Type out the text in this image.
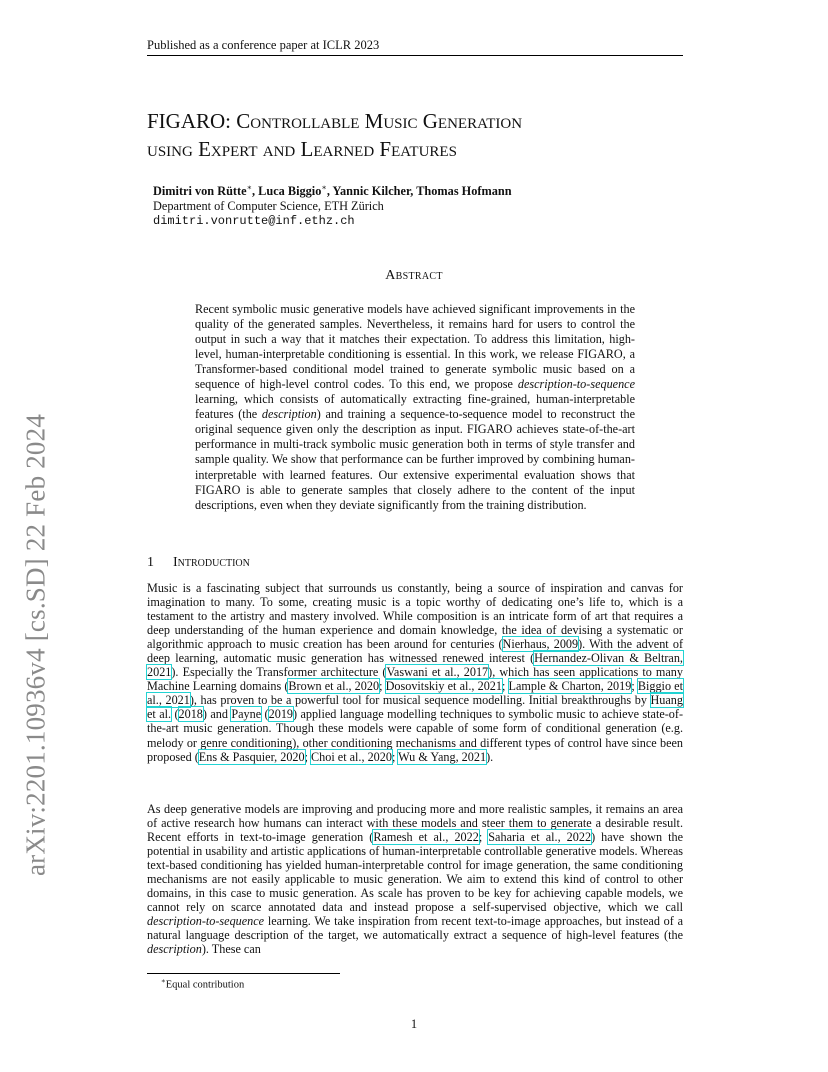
Published as a conference paper at ICLR 2023
arXiv:2201.10936v4 [cs.SD] 22 Feb 2024
FIGARO: Controllable Music Generation
using Expert and Learned Features
Dimitri von Rütte∗, Luca Biggio∗, Yannic Kilcher, Thomas Hofmann
Department of Computer Science, ETH Zürich
dimitri.vonrutte@inf.ethz.ch
Abstract

Recent symbolic music generative models have achieved significant improvements in the quality of the generated samples. Nevertheless, it remains hard for users to control the output in such a way that it matches their expectation. To address this limitation, high-level, human-interpretable conditioning is essential. In this work, we release FIGARO, a Transformer-based conditional model trained to generate symbolic music based on a sequence of high-level control codes. To this end, we propose description-to-sequence learning, which consists of automatically extracting fine-grained, human-interpretable features (the description) and training a sequence-to-sequence model to reconstruct the original sequence given only the description as input. FIGARO achieves state-of-the-art performance in multi-track symbolic music generation both in terms of style transfer and sample quality. We show that performance can be further improved by combining human-interpretable with learned features. Our extensive experimental evaluation shows that FIGARO is able to generate samples that closely adhere to the content of the input descriptions, even when they deviate significantly from the training distribution.

1 Introduction

Music is a fascinating subject that surrounds us constantly, being a source of inspiration and canvas for imagination to many. To some, creating music is a topic worthy of dedicating one’s life to, which is a testament to the artistry and mastery involved. While composition is an intricate form of art that requires a deep understanding of the human experience and domain knowledge, the idea of devising a systematic or algorithmic approach to music creation has been around for centuries (Nierhaus, 2009). With the advent of deep learning, automatic music generation has witnessed renewed interest (Hernandez-Olivan & Beltran, 2021). Especially the Transformer architecture (Vaswani et al., 2017), which has seen applications to many Machine Learning domains (Brown et al., 2020; Dosovitskiy et al., 2021; Lample & Charton, 2019; Biggio et al., 2021), has proven to be a powerful tool for musical sequence modelling. Initial breakthroughs by Huang et al. (2018) and Payne (2019) applied language modelling techniques to symbolic music to achieve state-of-the-art music generation. Though these models were capable of some form of conditional generation (e.g. melody or genre conditioning), other conditioning mechanisms and different types of control have since been proposed (Ens & Pasquier, 2020; Choi et al., 2020; Wu & Yang, 2021).

As deep generative models are improving and producing more and more realistic samples, it remains an area of active research how humans can interact with these models and steer them to generate a desirable result. Recent efforts in text-to-image generation (Ramesh et al., 2022; Saharia et al., 2022) have shown the potential in usability and artistic applications of human-interpretable controllable generative models. Whereas text-based conditioning has yielded human-interpretable control for image generation, the same conditioning mechanisms are not easily applicable to music generation. We aim to extend this kind of control to other domains, in this case to music generation. As scale has proven to be key for achieving capable models, we cannot rely on scarce annotated data and instead propose a self-supervised objective, which we call description-to-sequence learning. We take inspiration from recent text-to-image approaches, but instead of a natural language description of the target, we automatically extract a sequence of high-level features (the description). These can

∗Equal contribution
1
